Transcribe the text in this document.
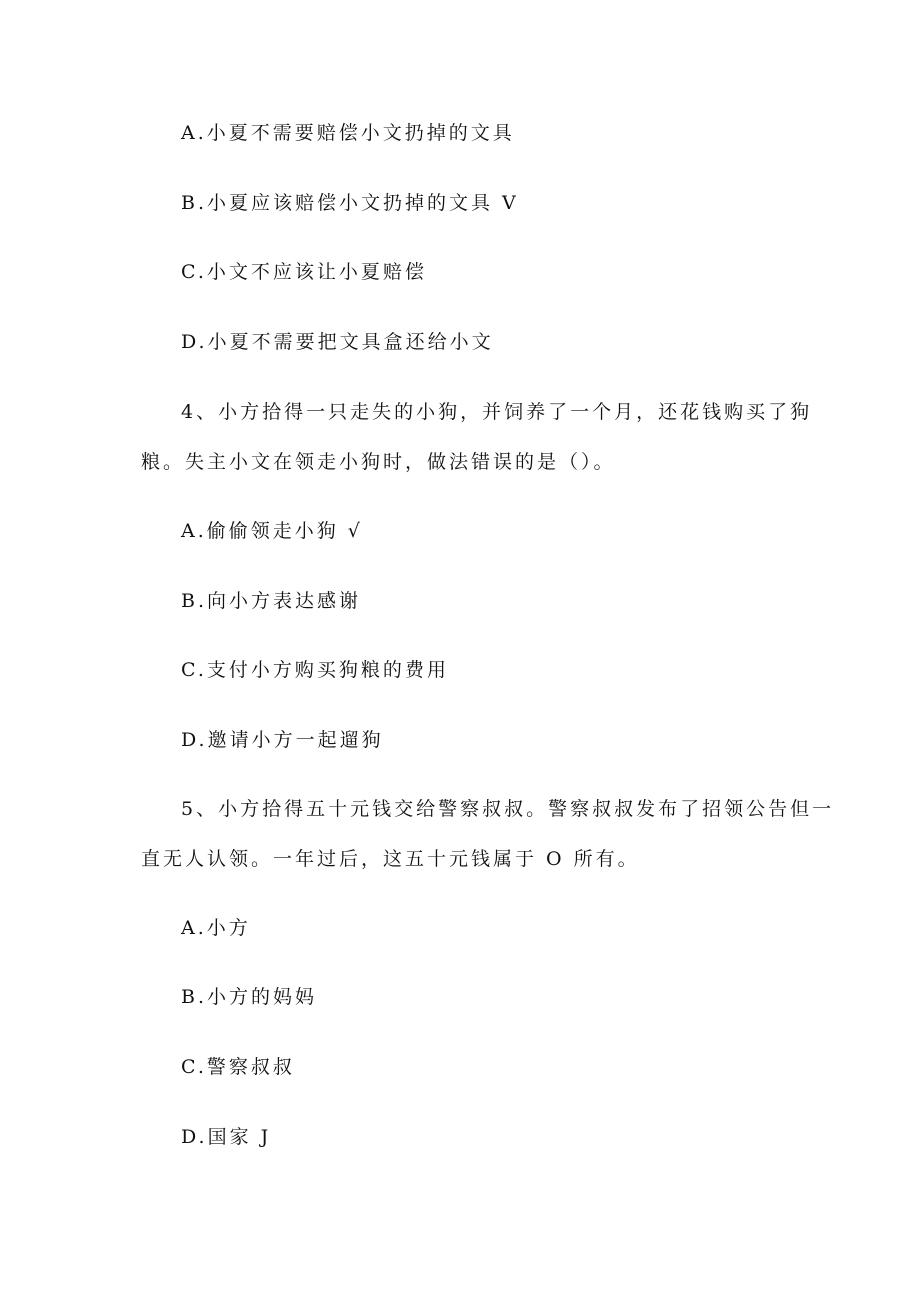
A.小夏不需要赔偿小文扔掉的文具
B.小夏应该赔偿小文扔掉的文具 V
C.小文不应该让小夏赔偿
D.小夏不需要把文具盒还给小文
4、小方拾得一只走失的小狗，并饲养了一个月，还花钱购买了狗
粮。失主小文在领走小狗时，做法错误的是（）。
A.偷偷领走小狗 √
B.向小方表达感谢
C.支付小方购买狗粮的费用
D.邀请小方一起遛狗
5、小方拾得五十元钱交给警察叔叔。警察叔叔发布了招领公告但一
直无人认领。一年过后，这五十元钱属于 O 所有。
A.小方
B.小方的妈妈
C.警察叔叔
D.国家 J
